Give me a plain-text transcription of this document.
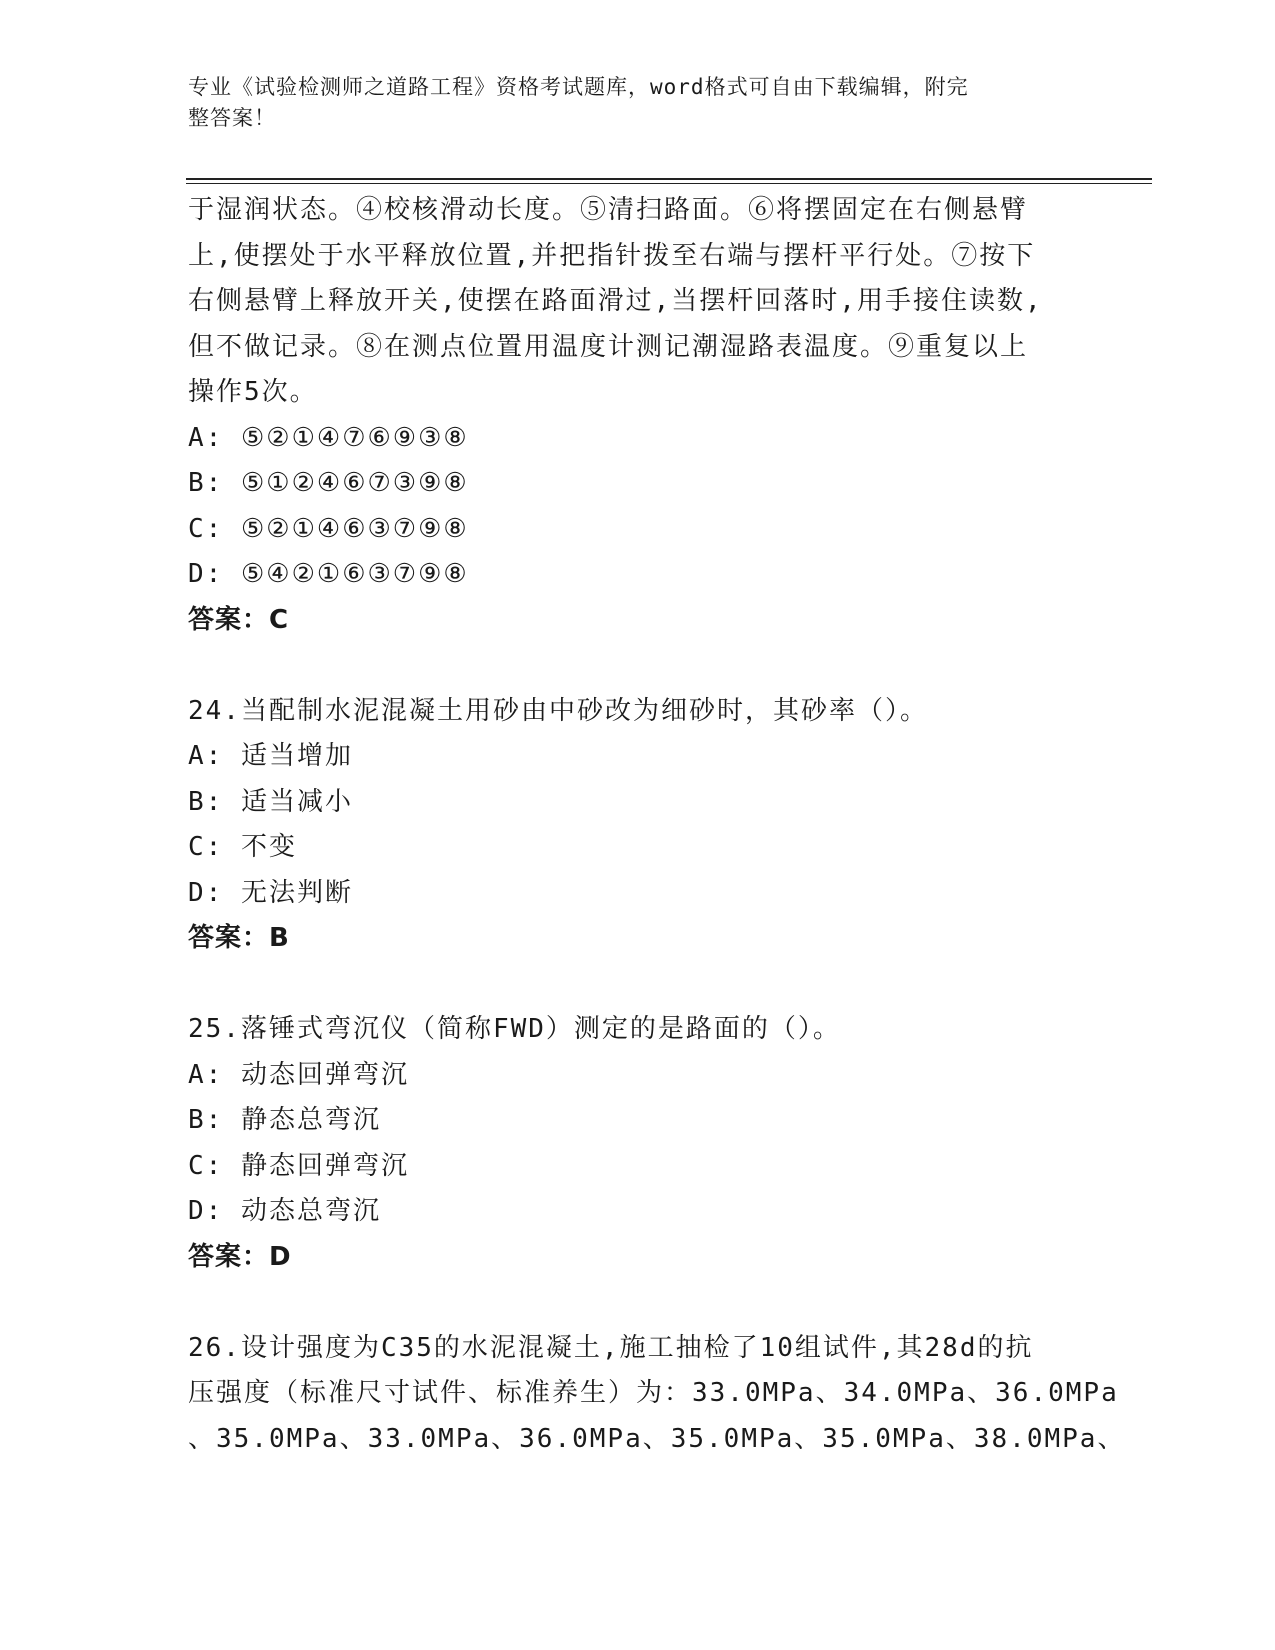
专业《试验检测师之道路工程》资格考试题库，word格式可自由下载编辑，附完
整答案！
于湿润状态。④校核滑动长度。⑤清扫路面。⑥将摆固定在右侧悬臂
上,使摆处于水平释放位置,并把指针拨至右端与摆杆平行处。⑦按下
右侧悬臂上释放开关,使摆在路面滑过,当摆杆回落时,用手接住读数,
但不做记录。⑧在测点位置用温度计测记潮湿路表温度。⑨重复以上
操作5次。
A: ⑤②①④⑦⑥⑨③⑧
B: ⑤①②④⑥⑦③⑨⑧
C: ⑤②①④⑥③⑦⑨⑧
D: ⑤④②①⑥③⑦⑨⑧
答案：C
24.当配制水泥混凝土用砂由中砂改为细砂时，其砂率（）。
A: 适当增加
B: 适当减小
C: 不变
D: 无法判断
答案：B
25.落锤式弯沉仪（简称FWD）测定的是路面的（）。
A: 动态回弹弯沉
B: 静态总弯沉
C: 静态回弹弯沉
D: 动态总弯沉
答案：D
26.设计强度为C35的水泥混凝土,施工抽检了10组试件,其28d的抗
压强度（标准尺寸试件、标准养生）为：33.0MPa、34.0MPa、36.0MPa
、35.0MPa、33.0MPa、36.0MPa、35.0MPa、35.0MPa、38.0MPa、
